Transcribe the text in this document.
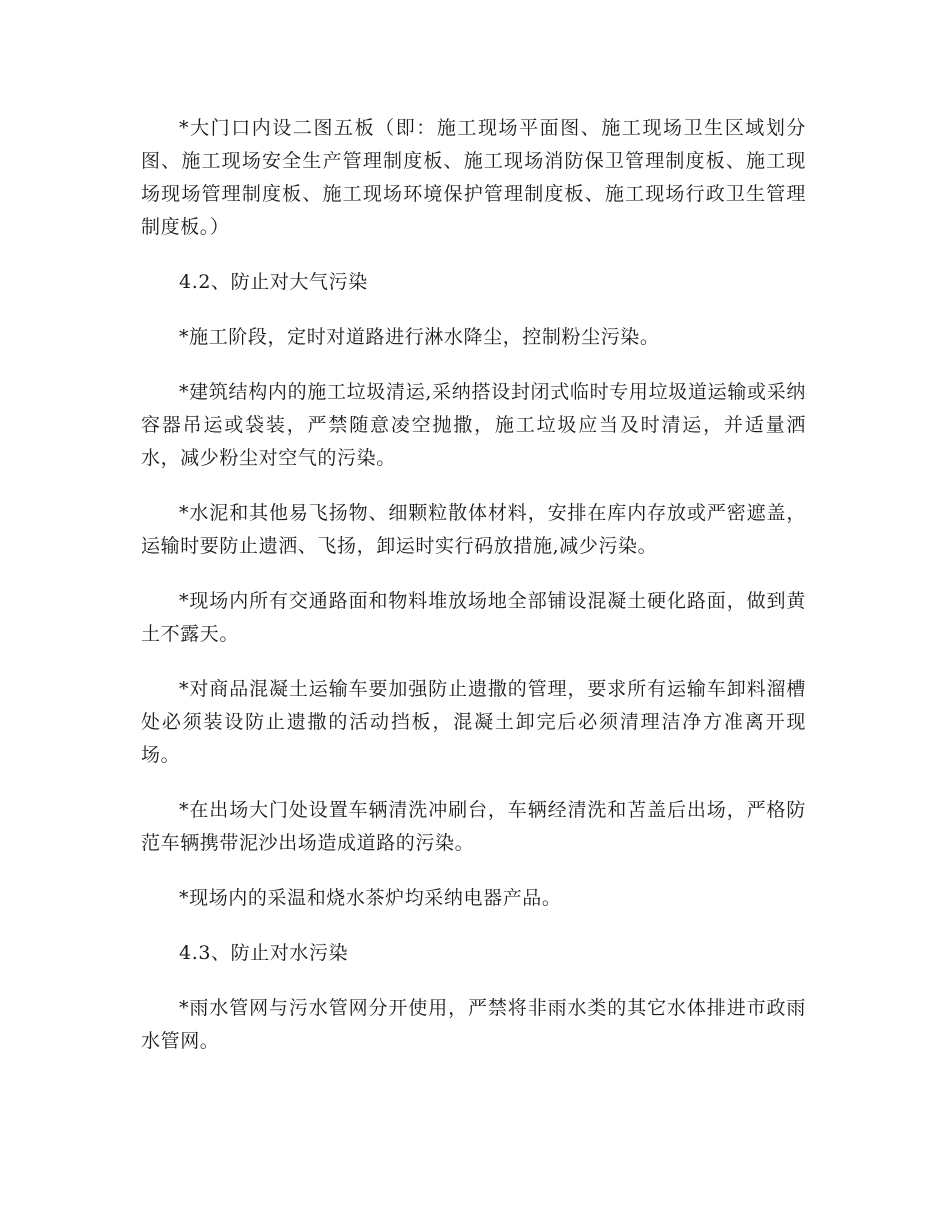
*大门口内设二图五板（即：施工现场平面图、施工现场卫生区域划分图、施工现场安全生产管理制度板、施工现场消防保卫管理制度板、施工现场现场管理制度板、施工现场环境保护管理制度板、施工现场行政卫生管理制度板。）

4.2、防止对大气污染

*施工阶段，定时对道路进行淋水降尘，控制粉尘污染。

*建筑结构内的施工垃圾清运,采纳搭设封闭式临时专用垃圾道运输或采纳容器吊运或袋装，严禁随意凌空抛撒，施工垃圾应当及时清运，并适量洒水，减少粉尘对空气的污染。

*水泥和其他易飞扬物、细颗粒散体材料，安排在库内存放或严密遮盖，运输时要防止遗洒、飞扬，卸运时实行码放措施,减少污染。

*现场内所有交通路面和物料堆放场地全部铺设混凝土硬化路面，做到黄土不露天。

*对商品混凝土运输车要加强防止遗撒的管理，要求所有运输车卸料溜槽处必须装设防止遗撒的活动挡板，混凝土卸完后必须清理洁净方准离开现场。

*在出场大门处设置车辆清洗冲刷台，车辆经清洗和苫盖后出场，严格防范车辆携带泥沙出场造成道路的污染。

*现场内的采温和烧水茶炉均采纳电器产品。

4.3、防止对水污染

*雨水管网与污水管网分开使用，严禁将非雨水类的其它水体排进市政雨水管网。
